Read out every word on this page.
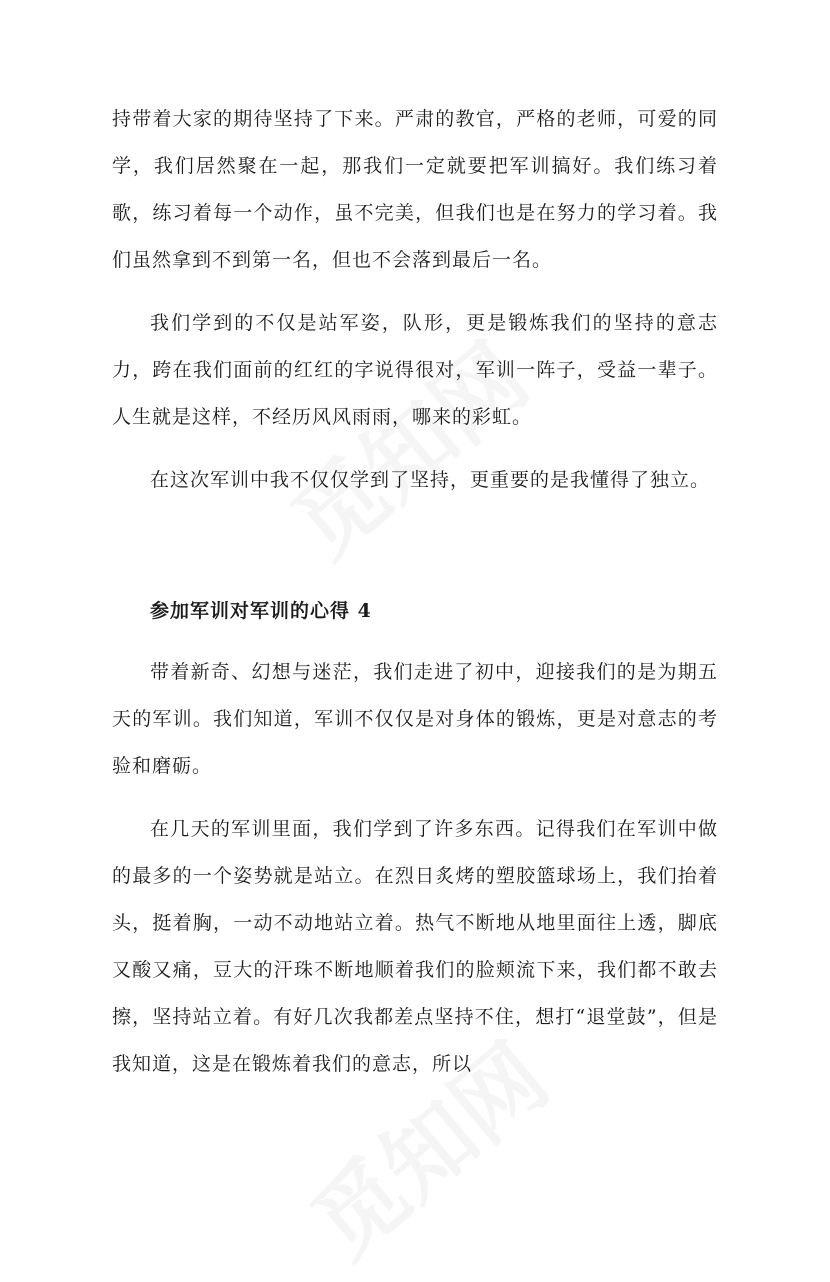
持带着大家的期待坚持了下来。严肃的教官，严格的老师，可爱的同学，我们居然聚在一起，那我们一定就要把军训搞好。我们练习着歌，练习着每一个动作，虽不完美，但我们也是在努力的学习着。我们虽然拿到不到第一名，但也不会落到最后一名。

我们学到的不仅是站军姿，队形，更是锻炼我们的坚持的意志力，跨在我们面前的红红的字说得很对，军训一阵子，受益一辈子。人生就是这样，不经历风风雨雨，哪来的彩虹。

在这次军训中我不仅仅学到了坚持，更重要的是我懂得了独立。

参加军训对军训的心得 4

带着新奇、幻想与迷茫，我们走进了初中，迎接我们的是为期五天的军训。我们知道，军训不仅仅是对身体的锻炼，更是对意志的考验和磨砺。

在几天的军训里面，我们学到了许多东西。记得我们在军训中做的最多的一个姿势就是站立。在烈日炙烤的塑胶篮球场上，我们抬着头，挺着胸，一动不动地站立着。热气不断地从地里面往上透，脚底又酸又痛，豆大的汗珠不断地顺着我们的脸颊流下来，我们都不敢去擦，坚持站立着。有好几次我都差点坚持不住，想打“退堂鼓”，但是我知道，这是在锻炼着我们的意志，所以
